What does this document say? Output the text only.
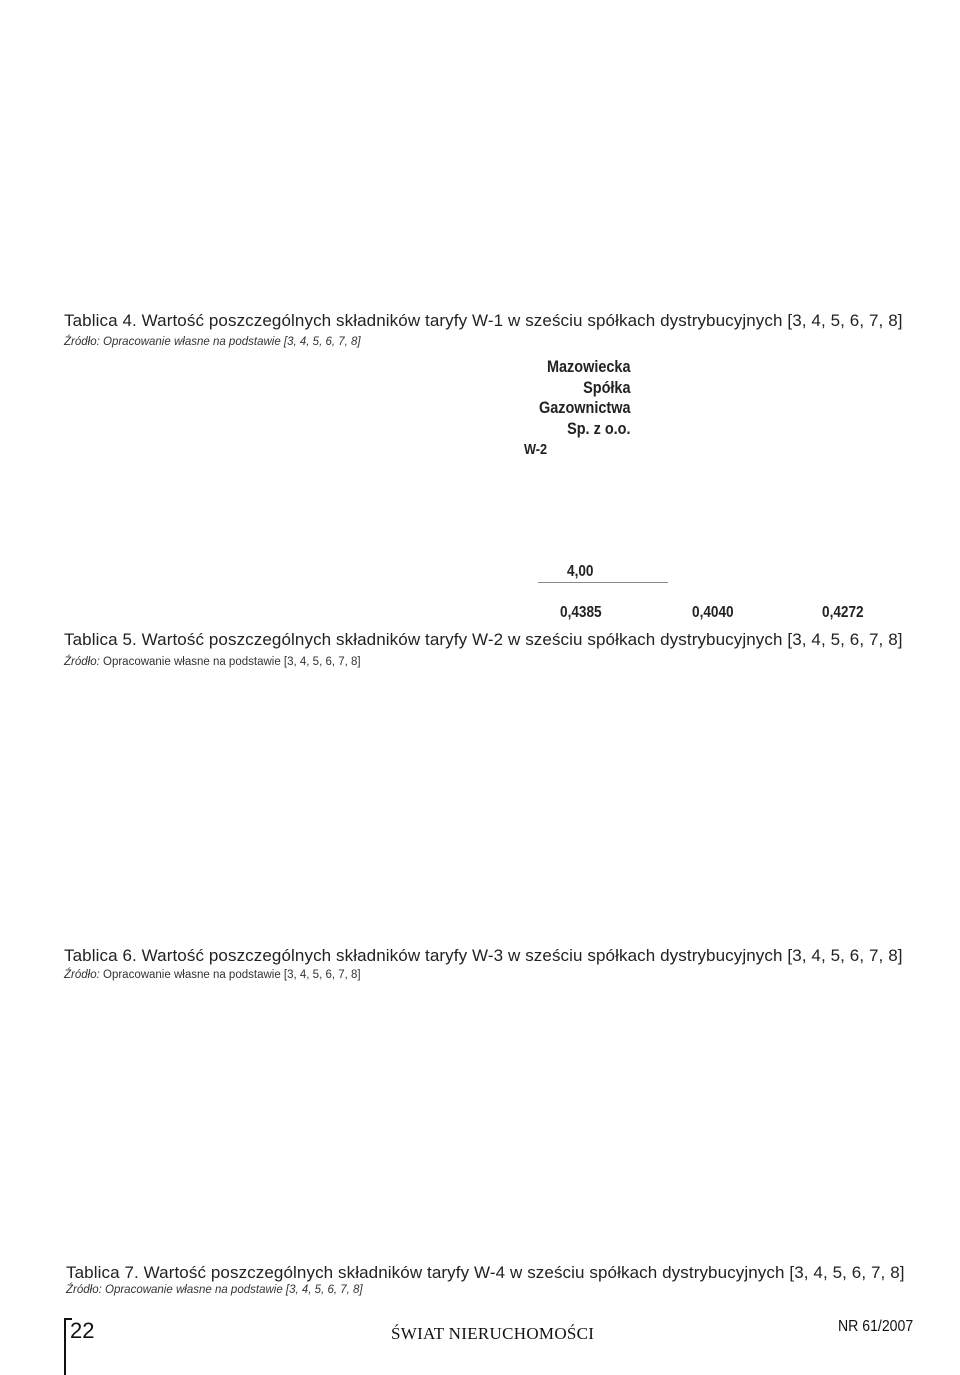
Tablica 4. Wartość poszczególnych składników taryfy W-1 w sześciu spółkach dystrybucyjnych [3, 4, 5, 6, 7, 8]
Źródło: Opracowanie własne na podstawie [3, 4, 5, 6, 7, 8]
Mazowiecka
Spółka
Gazownictwa
Sp. z o.o.
W-2
4,00
0,4385	0,4040	0,4272
Tablica 5. Wartość poszczególnych składników taryfy W-2 w sześciu spółkach dystrybucyjnych [3, 4, 5, 6, 7, 8]
Źródło: Opracowanie własne na podstawie [3, 4, 5, 6, 7, 8]
Tablica 6. Wartość poszczególnych składników taryfy W-3 w sześciu spółkach dystrybucyjnych [3, 4, 5, 6, 7, 8]
Źródło: Opracowanie własne na podstawie [3, 4, 5, 6, 7, 8]
Tablica 7. Wartość poszczególnych składników taryfy W-4 w sześciu spółkach dystrybucyjnych [3, 4, 5, 6, 7, 8]
Źródło: Opracowanie własne na podstawie [3, 4, 5, 6, 7, 8]
22	ŚWIAT NIERUCHOMOŚCI	NR 61/2007
